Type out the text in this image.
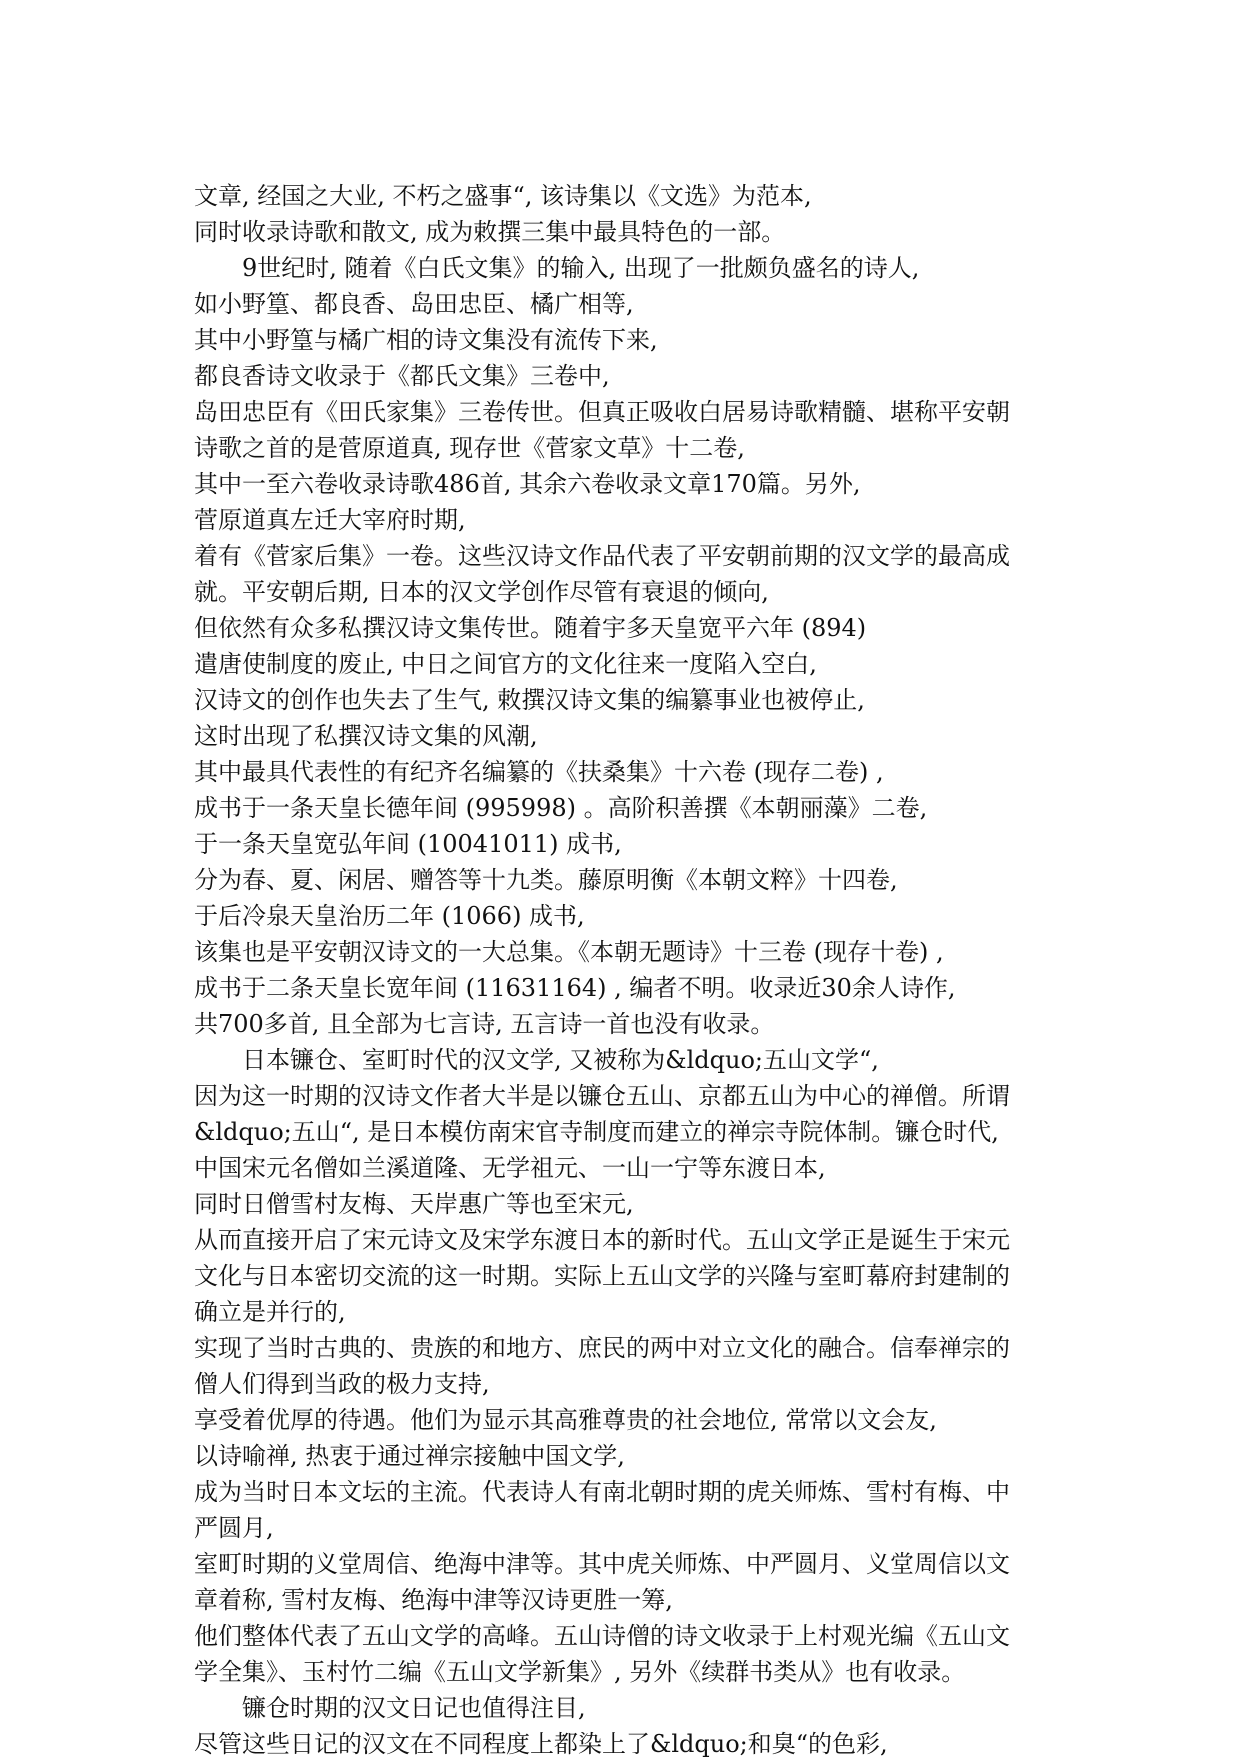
文章, 经国之大业, 不朽之盛事“, 该诗集以《文选》为范本,
同时收录诗歌和散文, 成为敕撰三集中最具特色的一部。
9世纪时, 随着《白氏文集》的输入, 出现了一批颇负盛名的诗人,
如小野篁、都良香、岛田忠臣、橘广相等,
其中小野篁与橘广相的诗文集没有流传下来,
都良香诗文收录于《都氏文集》三卷中,
岛田忠臣有《田氏家集》三卷传世。但真正吸收白居易诗歌精髓、堪称平安朝
诗歌之首的是菅原道真, 现存世《菅家文草》十二卷,
其中一至六卷收录诗歌486首, 其余六卷收录文章170篇。另外,
菅原道真左迁大宰府时期,
着有《菅家后集》一卷。这些汉诗文作品代表了平安朝前期的汉文学的最高成
就。平安朝后期, 日本的汉文学创作尽管有衰退的倾向,
但依然有众多私撰汉诗文集传世。随着宇多天皇宽平六年 (894)
遣唐使制度的废止, 中日之间官方的文化往来一度陷入空白,
汉诗文的创作也失去了生气, 敕撰汉诗文集的编纂事业也被停止,
这时出现了私撰汉诗文集的风潮,
其中最具代表性的有纪齐名编纂的《扶桑集》十六卷 (现存二卷) ,
成书于一条天皇长德年间 (995998) 。高阶积善撰《本朝丽藻》二卷,
于一条天皇宽弘年间 (10041011) 成书,
分为春、夏、闲居、赠答等十九类。藤原明衡《本朝文粹》十四卷,
于后冷泉天皇治历二年 (1066) 成书,
该集也是平安朝汉诗文的一大总集。《本朝无题诗》十三卷 (现存十卷) ,
成书于二条天皇长宽年间 (11631164) , 编者不明。收录近30余人诗作,
共700多首, 且全部为七言诗, 五言诗一首也没有收录。
日本镰仓、室町时代的汉文学, 又被称为&ldquo;五山文学“,
因为这一时期的汉诗文作者大半是以镰仓五山、京都五山为中心的禅僧。所谓
&ldquo;五山“, 是日本模仿南宋官寺制度而建立的禅宗寺院体制。镰仓时代,
中国宋元名僧如兰溪道隆、无学祖元、一山一宁等东渡日本,
同时日僧雪村友梅、天岸惠广等也至宋元,
从而直接开启了宋元诗文及宋学东渡日本的新时代。五山文学正是诞生于宋元
文化与日本密切交流的这一时期。实际上五山文学的兴隆与室町幕府封建制的
确立是并行的,
实现了当时古典的、贵族的和地方、庶民的两中对立文化的融合。信奉禅宗的
僧人们得到当政的极力支持,
享受着优厚的待遇。他们为显示其高雅尊贵的社会地位, 常常以文会友,
以诗喻禅, 热衷于通过禅宗接触中国文学,
成为当时日本文坛的主流。代表诗人有南北朝时期的虎关师炼、雪村有梅、中
严圆月,
室町时期的义堂周信、绝海中津等。其中虎关师炼、中严圆月、义堂周信以文
章着称, 雪村友梅、绝海中津等汉诗更胜一筹,
他们整体代表了五山文学的高峰。五山诗僧的诗文收录于上村观光编《五山文
学全集》、玉村竹二编《五山文学新集》, 另外《续群书类从》也有收录。
镰仓时期的汉文日记也值得注目,
尽管这些日记的汉文在不同程度上都染上了&ldquo;和臭“的色彩,
